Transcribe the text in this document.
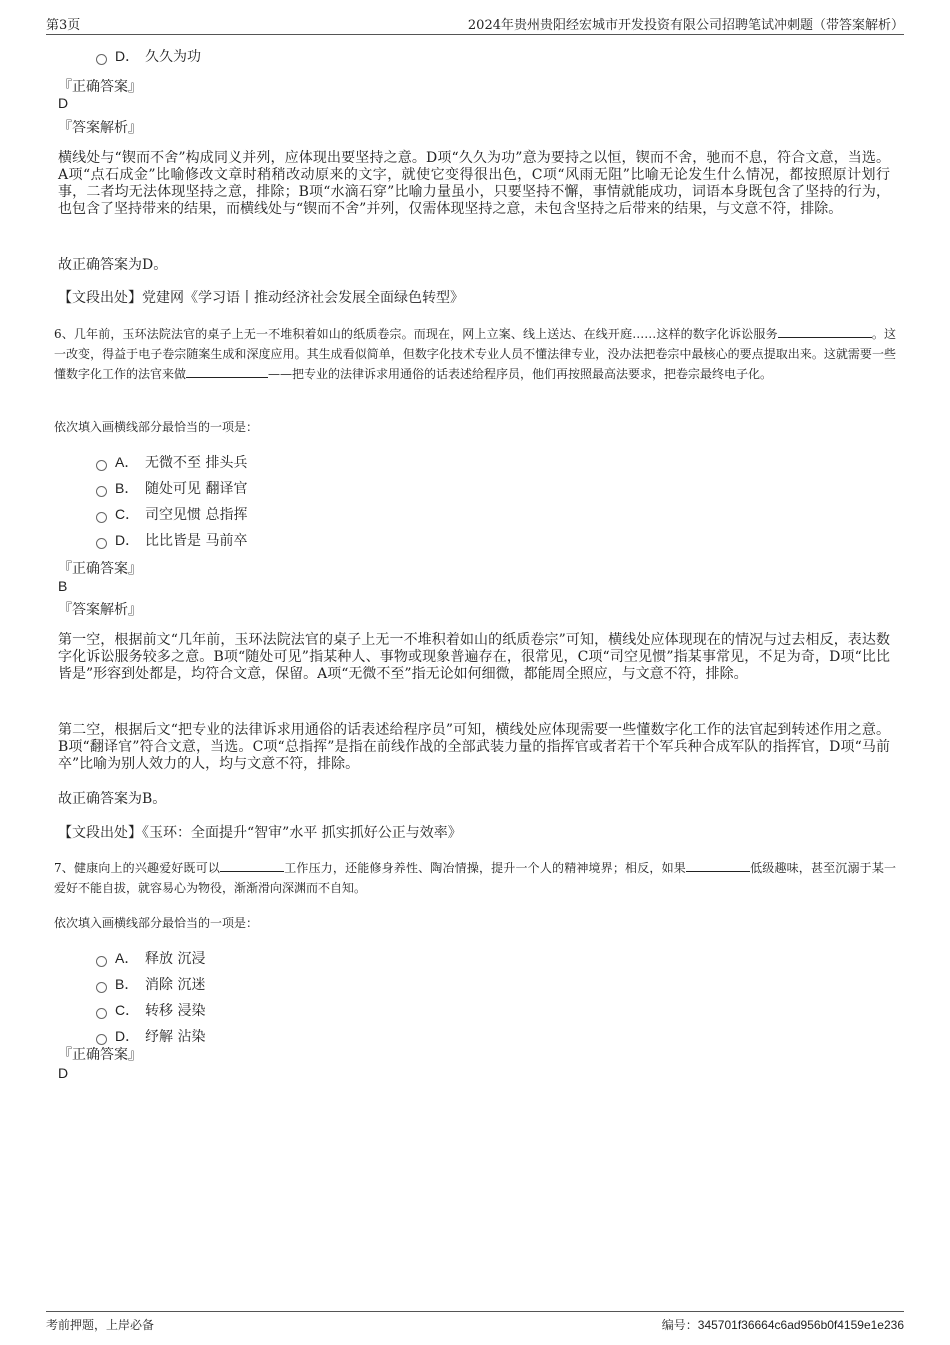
第3页	2024年贵州贵阳经宏城市开发投资有限公司招聘笔试冲刺题（带答案解析）
D． 久久为功
『正确答案』
D
『答案解析』
横线处与“锲而不舍”构成同义并列，应体现出要坚持之意。D项“久久为功”意为要持之以恒，锲而不舍，驰而不息，符合文意，当选。A项“点石成金”比喻修改文章时稍稍改动原来的文字，就使它变得很出色，C项“风雨无阻”比喻无论发生什么情况，都按照原计划行事，二者均无法体现坚持之意，排除；B项“水滴石穿”比喻力量虽小，只要坚持不懈，事情就能成功，词语本身既包含了坚持的行为，也包含了坚持带来的结果，而横线处与“锲而不舍”并列，仅需体现坚持之意，未包含坚持之后带来的结果，与文意不符，排除。
故正确答案为D。
【文段出处】党建网《学习语丨推动经济社会发展全面绿色转型》
6、几年前，玉环法院法官的桌子上无一不堆积着如山的纸质卷宗。而现在，网上立案、线上送达、在线开庭……这样的数字化诉讼服务	。这一改变，得益于电子卷宗随案生成和深度应用。其生成看似简单，但数字化技术专业人员不懂法律专业，没办法把卷宗中最核心的要点提取出来。这就需要一些懂数字化工作的法官来做	——把专业的法律诉求用通俗的话表述给程序员，他们再按照最高法要求，把卷宗最终电子化。
依次填入画横线部分最恰当的一项是：
A． 无微不至 排头兵
B． 随处可见 翻译官
C． 司空见惯 总指挥
D． 比比皆是 马前卒
『正确答案』
B
『答案解析』
第一空，根据前文“几年前，玉环法院法官的桌子上无一不堆积着如山的纸质卷宗”可知，横线处应体现现在的情况与过去相反，表达数字化诉讼服务较多之意。B项“随处可见”指某种人、事物或现象普遍存在，很常见，C项“司空见惯”指某事常见，不足为奇，D项“比比皆是”形容到处都是，均符合文意，保留。A项“无微不至”指无论如何细微，都能周全照应，与文意不符，排除。
第二空，根据后文“把专业的法律诉求用通俗的话表述给程序员”可知，横线处应体现需要一些懂数字化工作的法官起到转述作用之意。B项“翻译官”符合文意，当选。C项“总指挥”是指在前线作战的全部武装力量的指挥官或者若干个军兵种合成军队的指挥官，D项“马前卒”比喻为别人效力的人，均与文意不符，排除。
故正确答案为B。
【文段出处】《玉环：全面提升“智审”水平 抓实抓好公正与效率》
7、健康向上的兴趣爱好既可以	工作压力，还能修身养性、陶冶情操，提升一个人的精神境界；相反，如果	低级趣味，甚至沉溺于某一爱好不能自拔，就容易心为物役，渐渐滑向深渊而不自知。
依次填入画横线部分最恰当的一项是：
A． 释放 沉浸
B． 消除 沉迷
C． 转移 浸染
D． 纾解 沾染
『正确答案』
D
考前押题，上岸必备	编号：345701f36664c6ad956b0f4159e1e236
